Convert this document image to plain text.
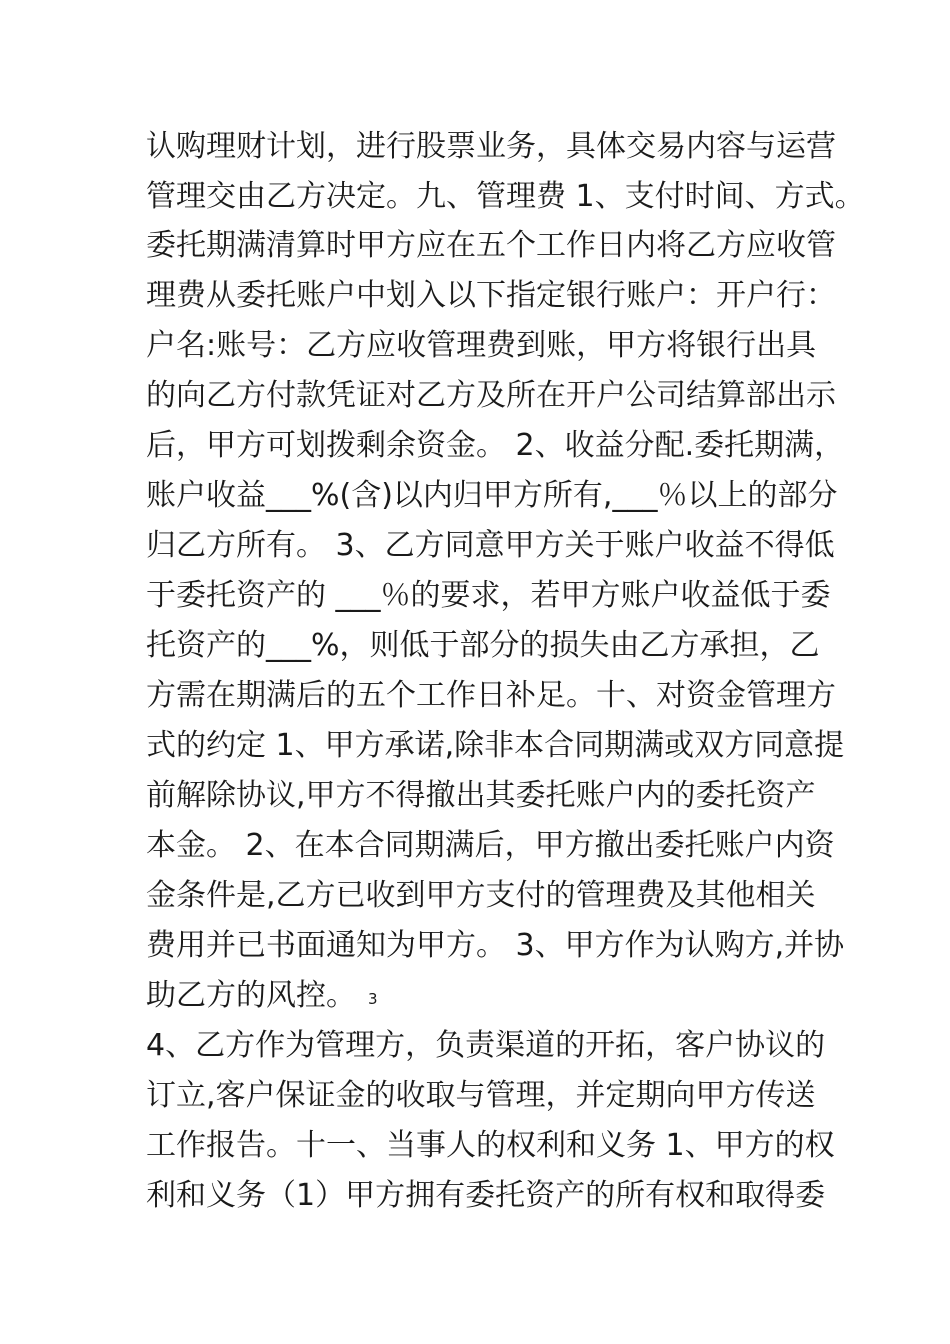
认购理财计划，进行股票业务，具体交易内容与运营
管理交由乙方决定。九、管理费 1、支付时间、方式。
委托期满清算时甲方应在五个工作日内将乙方应收管
理费从委托账户中划入以下指定银行账户：开户行：
户名:账号：乙方应收管理费到账，甲方将银行出具
的向乙方付款凭证对乙方及所在开户公司结算部出示
后，甲方可划拨剩余资金。 2、收益分配.委托期满，
账户收益___%(含)以内归甲方所有,___％以上的部分
归乙方所有。 3、乙方同意甲方关于账户收益不得低
于委托资产的 ___％的要求，若甲方账户收益低于委
托资产的___%，则低于部分的损失由乙方承担，乙
方需在期满后的五个工作日补足。十、对资金管理方
式的约定 1、甲方承诺,除非本合同期满或双方同意提
前解除协议,甲方不得撤出其委托账户内的委托资产
本金。 2、在本合同期满后，甲方撤出委托账户内资
金条件是,乙方已收到甲方支付的管理费及其他相关
费用并已书面通知为甲方。 3、甲方作为认购方,并协
助乙方的风控。
4、乙方作为管理方，负责渠道的开拓，客户协议的
订立,客户保证金的收取与管理，并定期向甲方传送
工作报告。十一、当事人的权利和义务 1、甲方的权
利和义务（1）甲方拥有委托资产的所有权和取得委
3
